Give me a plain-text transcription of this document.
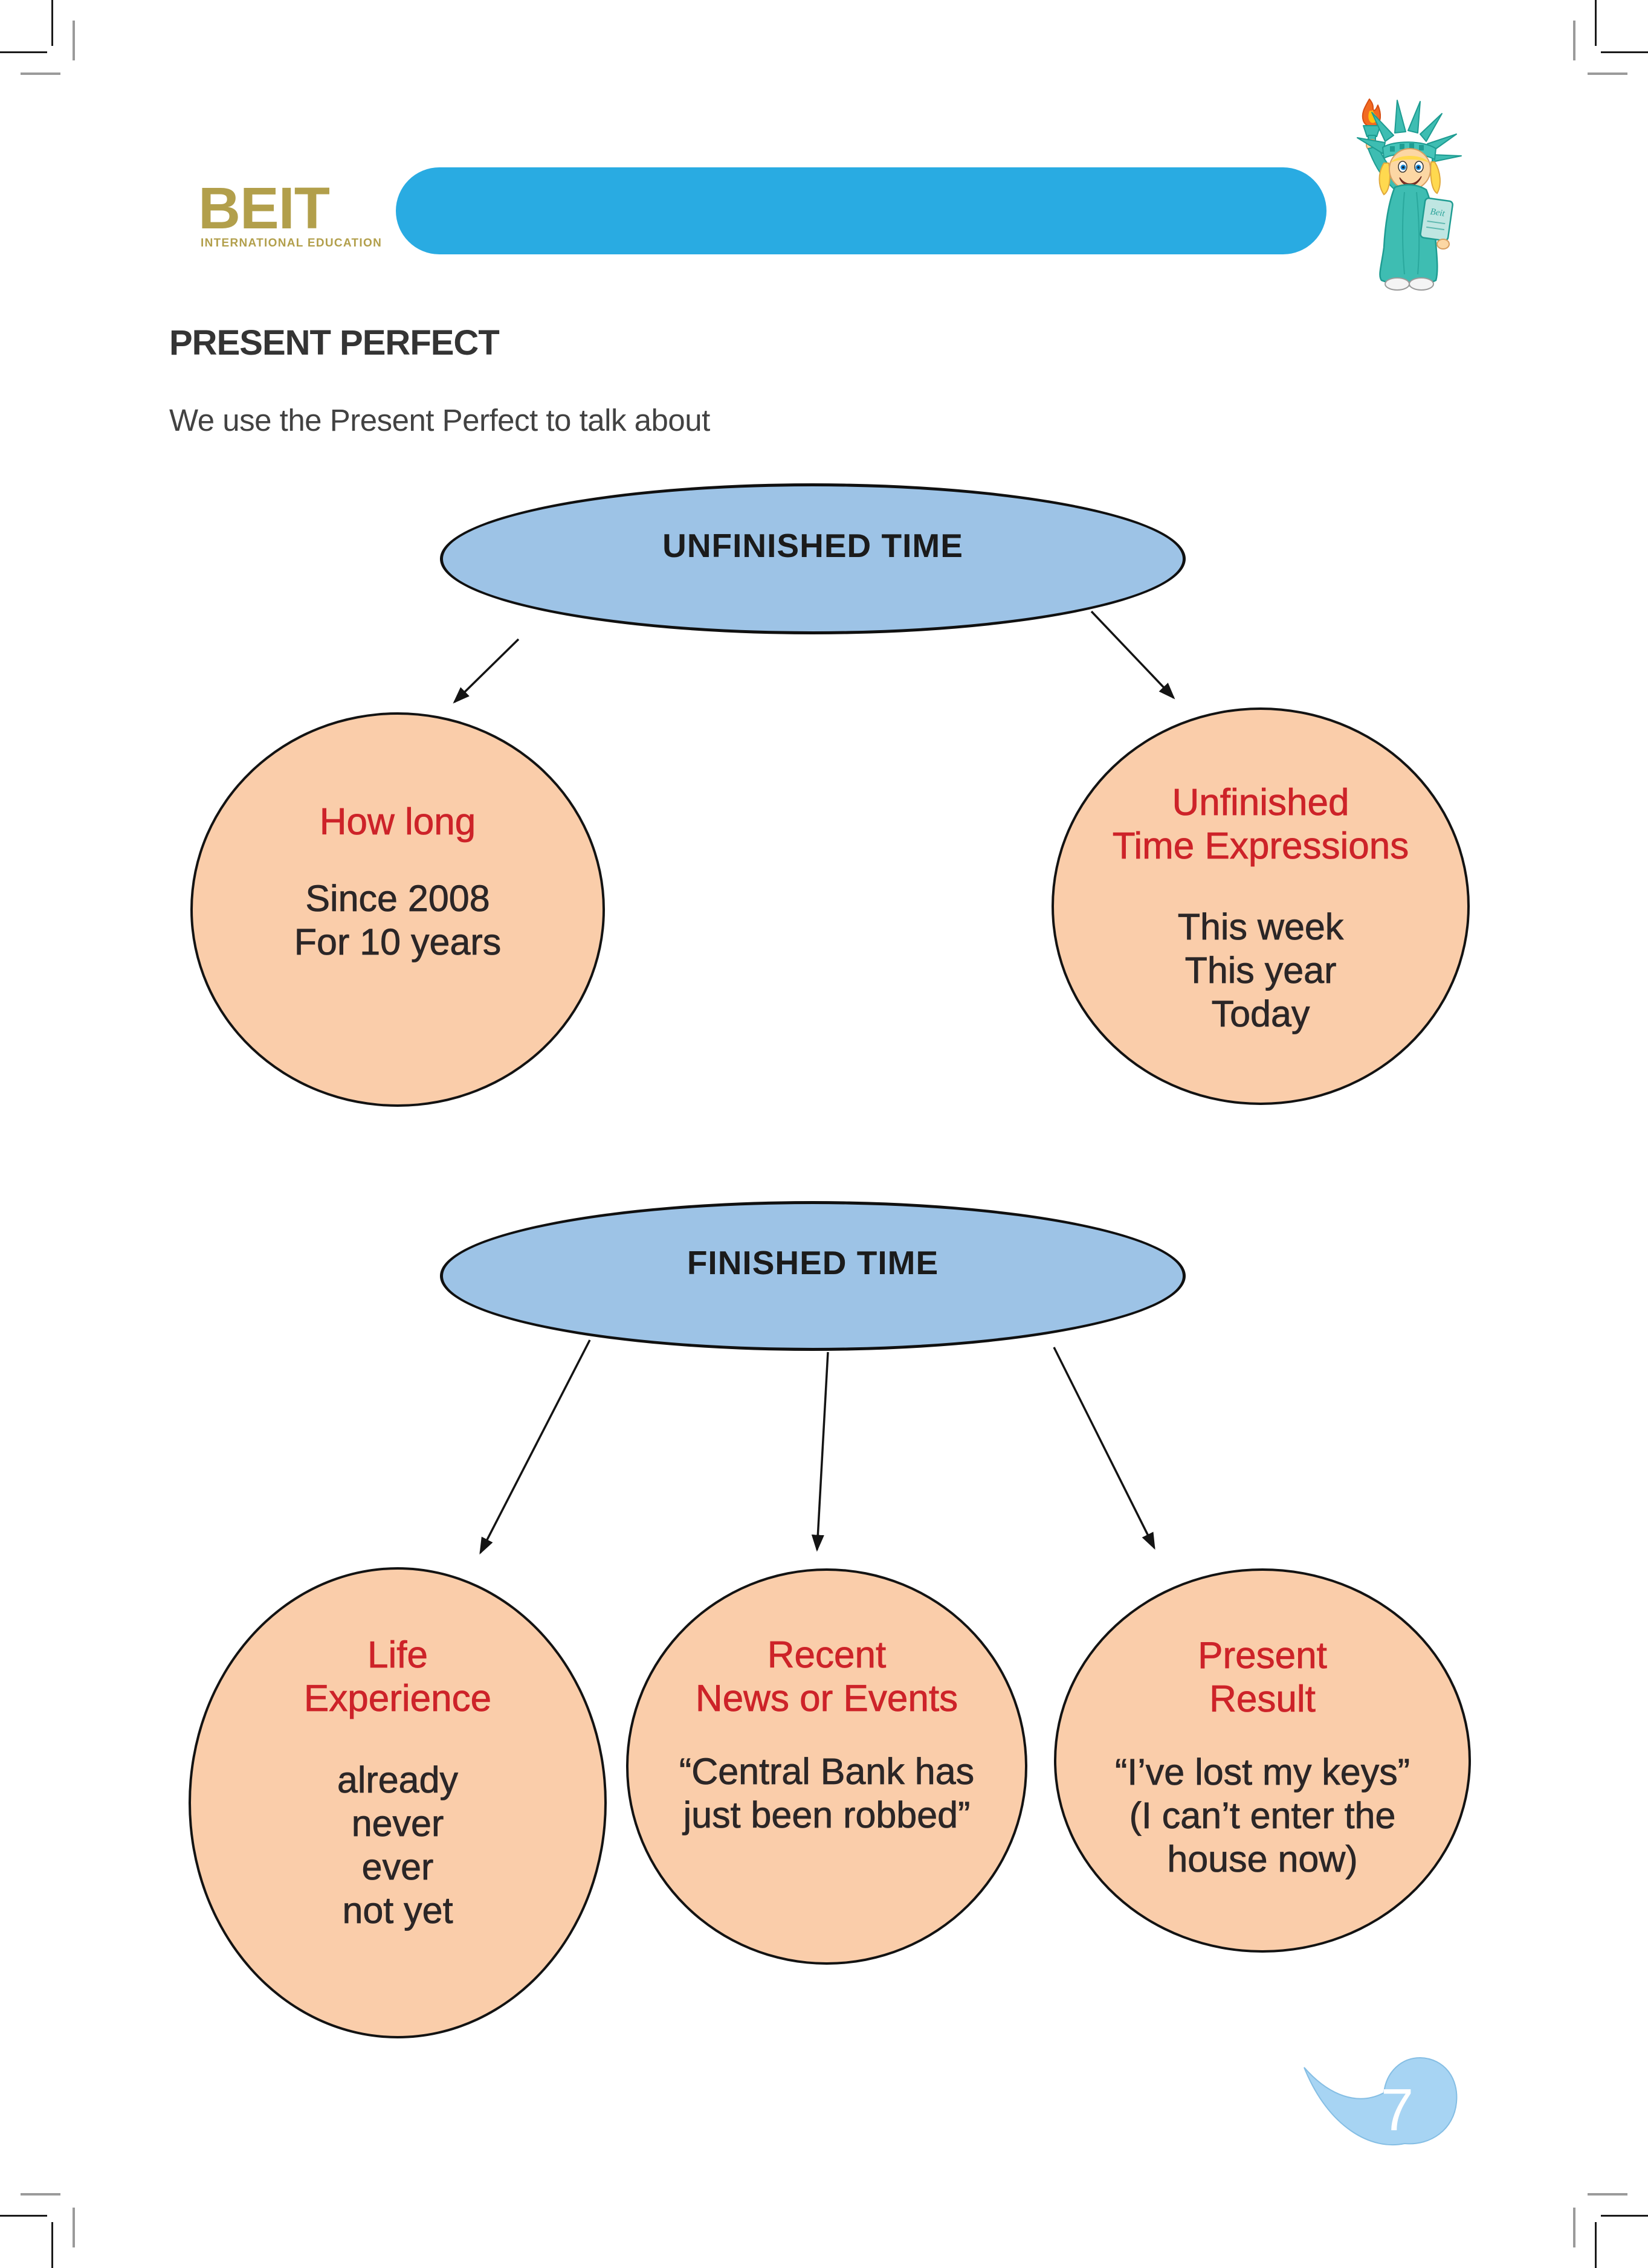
BEIT
INTERNATIONAL EDUCATION
Beit
PRESENT PERFECT
We use the Present Perfect to talk about
UNFINISHED TIME
How long
Since 2008
For 10 years
Unfinished
Time Expressions
This week
This year
Today
FINISHED TIME
Life
Experience
already
never
ever
not yet
Recent
News or Events
“Central Bank has
just been robbed”
Present
Result
“I’ve lost my keys”
(I can’t enter the
house now)
7
